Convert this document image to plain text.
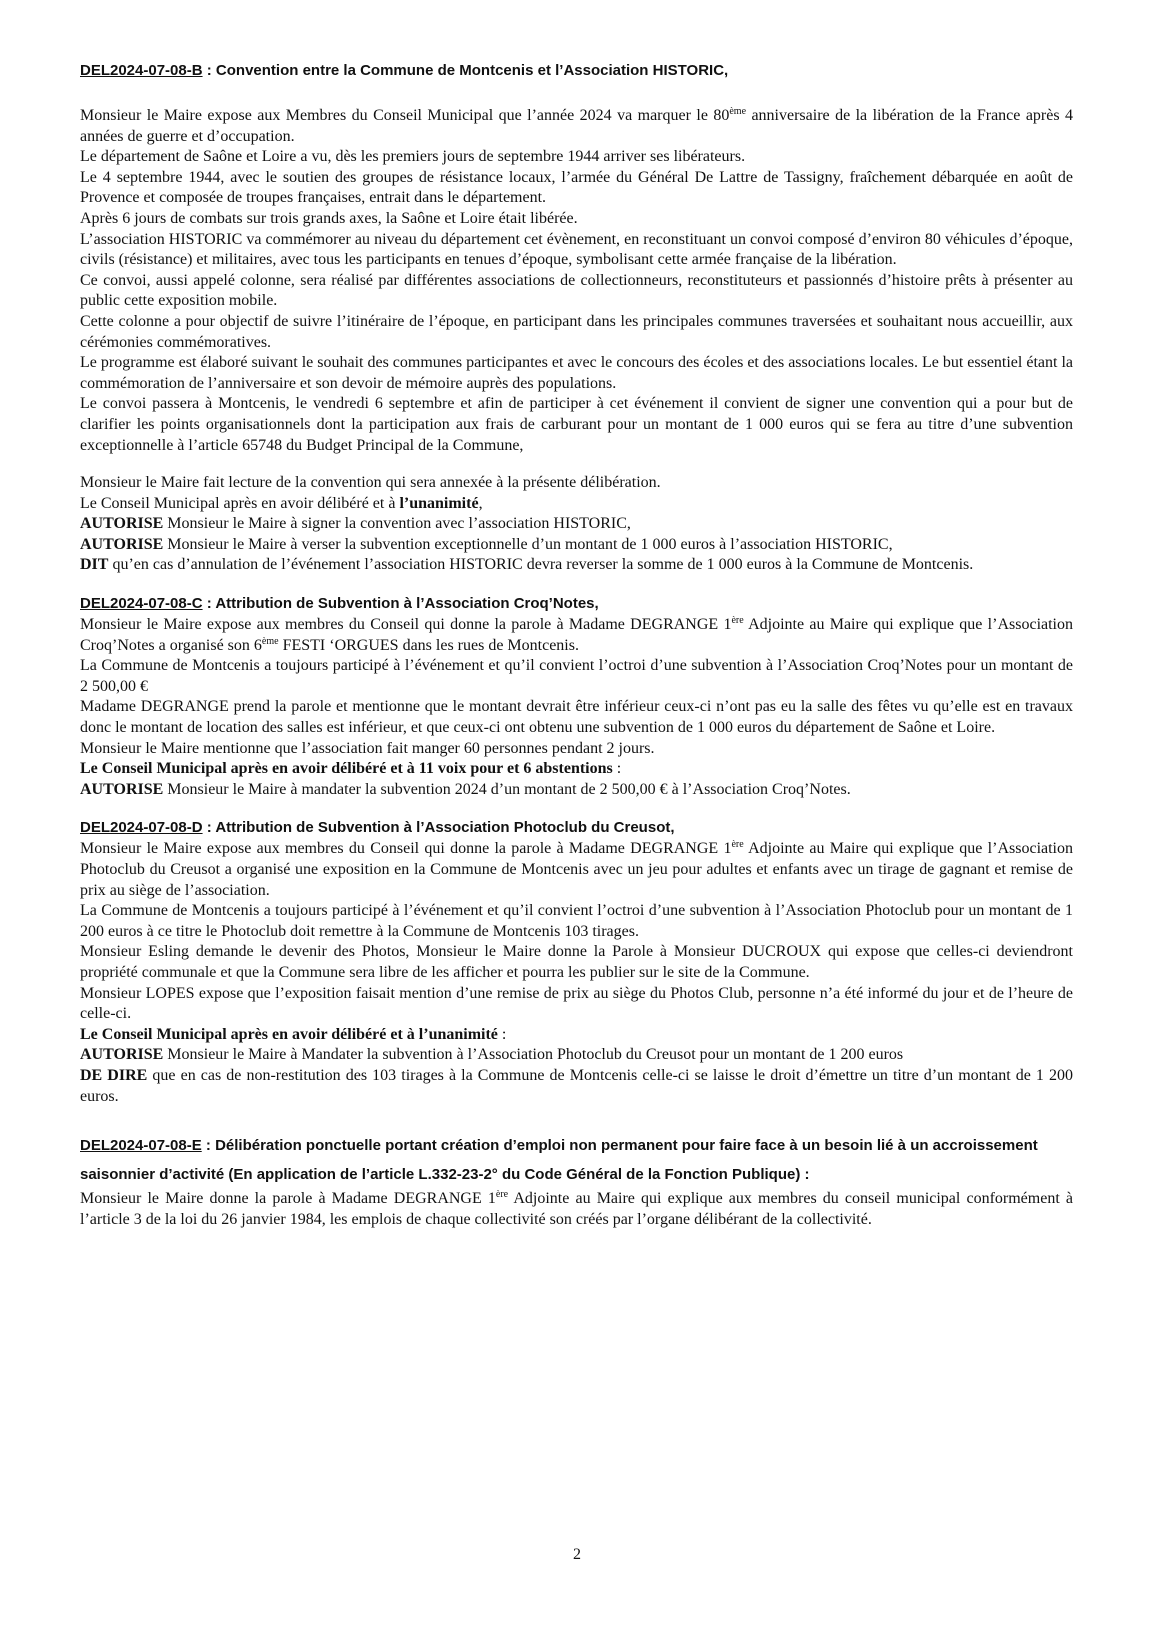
DEL2024-07-08-B : Convention entre la Commune de Montcenis et l’Association HISTORIC,

Monsieur le Maire expose aux Membres du Conseil Municipal que l’année 2024 va marquer le 80ème anniversaire de la libération de la France après 4 années de guerre et d’occupation.

Le département de Saône et Loire a vu, dès les premiers jours de septembre 1944 arriver ses libérateurs.

Le 4 septembre 1944, avec le soutien des groupes de résistance locaux, l’armée du Général De Lattre de Tassigny, fraîchement débarquée en août de Provence et composée de troupes françaises, entrait dans le département.

Après 6 jours de combats sur trois grands axes, la Saône et Loire était libérée.

L’association HISTORIC va commémorer au niveau du département cet évènement, en reconstituant un convoi composé d’environ 80 véhicules d’époque, civils (résistance) et militaires, avec tous les participants en tenues d’époque, symbolisant cette armée française de la libération.

Ce convoi, aussi appelé colonne, sera réalisé par différentes associations de collectionneurs, reconstituteurs et passionnés d’histoire prêts à présenter au public cette exposition mobile.

Cette colonne a pour objectif de suivre l’itinéraire de l’époque, en participant dans les principales communes traversées et souhaitant nous accueillir, aux cérémonies commémoratives.

Le programme est élaboré suivant le souhait des communes participantes et avec le concours des écoles et des associations locales. Le but essentiel étant la commémoration de l’anniversaire et son devoir de mémoire auprès des populations.

Le convoi passera à Montcenis, le vendredi 6 septembre et afin de participer à cet événement il convient de signer une convention qui a pour but de clarifier les points organisationnels dont la participation aux frais de carburant pour un montant de 1 000 euros qui se fera au titre d’une subvention exceptionnelle à l’article 65748 du Budget Principal de la Commune,

Monsieur le Maire fait lecture de la convention qui sera annexée à la présente délibération.

Le Conseil Municipal après en avoir délibéré et à l’unanimité,

AUTORISE Monsieur le Maire à signer la convention avec l’association HISTORIC,

AUTORISE Monsieur le Maire à verser la subvention exceptionnelle d’un montant de 1 000 euros à l’association HISTORIC,

DIT qu’en cas d’annulation de l’événement l’association HISTORIC devra reverser la somme de 1 000 euros à la Commune de Montcenis.

DEL2024-07-08-C : Attribution de Subvention à l’Association Croq’Notes,

Monsieur le Maire expose aux membres du Conseil qui donne la parole à Madame DEGRANGE 1ère Adjointe au Maire qui explique que l’Association Croq’Notes a organisé son 6ème FESTI ‘ORGUES dans les rues de Montcenis.

La Commune de Montcenis a toujours participé à l’événement et qu’il convient l’octroi d’une subvention à l’Association Croq’Notes pour un montant de 2 500,00 €

Madame DEGRANGE prend la parole et mentionne que le montant devrait être inférieur ceux-ci n’ont pas eu la salle des fêtes vu qu’elle est en travaux donc le montant de location des salles est inférieur, et que ceux-ci ont obtenu une subvention de 1 000 euros du département de Saône et Loire.

Monsieur le Maire mentionne que l’association fait manger 60 personnes pendant 2 jours.

Le Conseil Municipal après en avoir délibéré et à 11 voix pour et 6 abstentions :

AUTORISE Monsieur le Maire à mandater la subvention 2024 d’un montant de 2 500,00 € à l’Association Croq’Notes.

DEL2024-07-08-D : Attribution de Subvention à l’Association Photoclub du Creusot,

Monsieur le Maire expose aux membres du Conseil qui donne la parole à Madame DEGRANGE 1ère Adjointe au Maire qui explique que l’Association Photoclub du Creusot a organisé une exposition en la Commune de Montcenis avec un jeu pour adultes et enfants avec un tirage de gagnant et remise de prix au siège de l’association.

La Commune de Montcenis a toujours participé à l’événement et qu’il convient l’octroi d’une subvention à l’Association Photoclub pour un montant de 1 200 euros à ce titre le Photoclub doit remettre à la Commune de Montcenis 103 tirages.

Monsieur Esling demande le devenir des Photos, Monsieur le Maire donne la Parole à Monsieur DUCROUX qui expose que celles-ci deviendront propriété communale et que la Commune sera libre de les afficher et pourra les publier sur le site de la Commune.

Monsieur LOPES expose que l’exposition faisait mention d’une remise de prix au siège du Photos Club, personne n’a été informé du jour et de l’heure de celle-ci.

Le Conseil Municipal après en avoir délibéré et à l’unanimité :

AUTORISE Monsieur le Maire à Mandater la subvention à l’Association Photoclub du Creusot pour un montant de 1 200 euros

DE DIRE que en cas de non-restitution des 103 tirages à la Commune de Montcenis celle-ci se laisse le droit d’émettre un titre d’un montant de 1 200 euros.

DEL2024-07-08-E : Délibération ponctuelle portant création d’emploi non permanent pour faire face à un besoin lié à un accroissement saisonnier d’activité (En application de l’article L.332-23-2° du Code Général de la Fonction Publique) :

Monsieur le Maire donne la parole à Madame DEGRANGE 1ère Adjointe au Maire qui explique aux membres du conseil municipal conformément à l’article 3 de la loi du 26 janvier 1984, les emplois de chaque collectivité son créés par l’organe délibérant de la collectivité.

2
